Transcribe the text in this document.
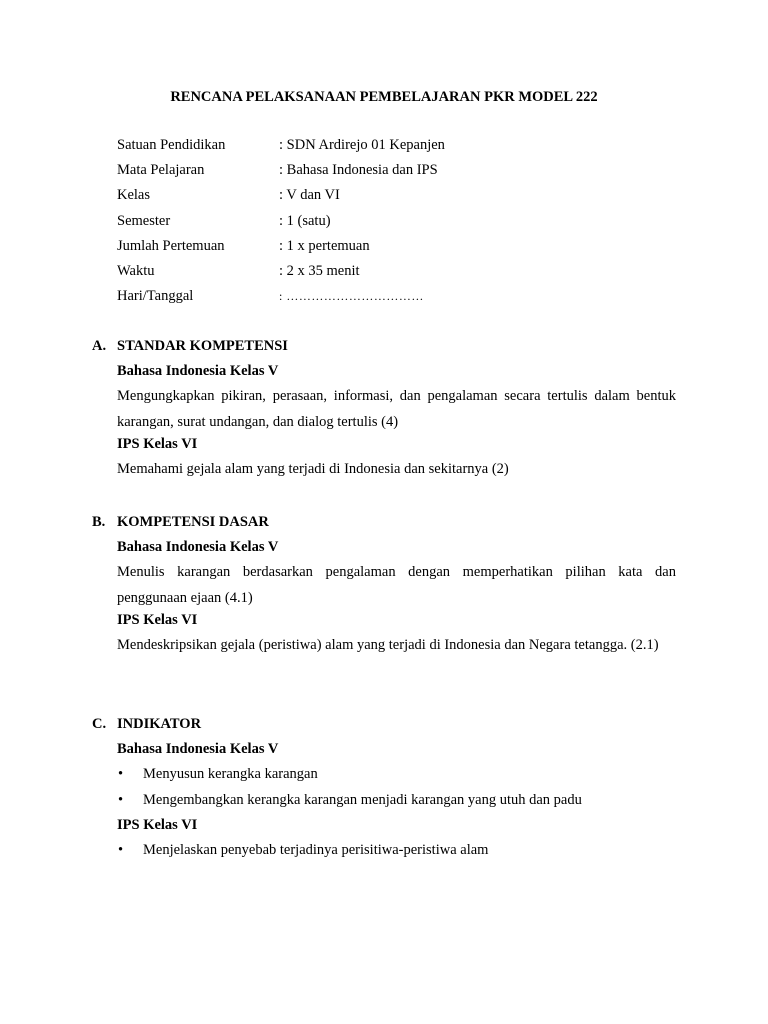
RENCANA PELAKSANAAN PEMBELAJARAN PKR MODEL 222
Satuan Pendidikan	: SDN Ardirejo 01 Kepanjen
Mata Pelajaran	: Bahasa Indonesia dan IPS
Kelas	: V dan VI
Semester	: 1 (satu)
Jumlah Pertemuan	: 1 x pertemuan
Waktu	: 2 x 35 menit
Hari/Tanggal	: ……………………………
A. STANDAR KOMPETENSI
Bahasa Indonesia Kelas V
Mengungkapkan pikiran, perasaan, informasi, dan pengalaman secara tertulis dalam bentuk karangan, surat undangan, dan dialog tertulis (4)
IPS Kelas VI
Memahami gejala alam yang terjadi di Indonesia dan sekitarnya (2)
B. KOMPETENSI DASAR
Bahasa Indonesia Kelas V
Menulis karangan berdasarkan pengalaman dengan memperhatikan pilihan kata dan penggunaan ejaan (4.1)
IPS Kelas VI
Mendeskripsikan gejala (peristiwa) alam yang terjadi di Indonesia dan Negara tetangga. (2.1)
C. INDIKATOR
Bahasa Indonesia Kelas V
•	Menyusun kerangka karangan
•	Mengembangkan kerangka karangan menjadi karangan yang utuh dan padu
IPS Kelas VI
•	Menjelaskan penyebab terjadinya perisitiwa-peristiwa alam
